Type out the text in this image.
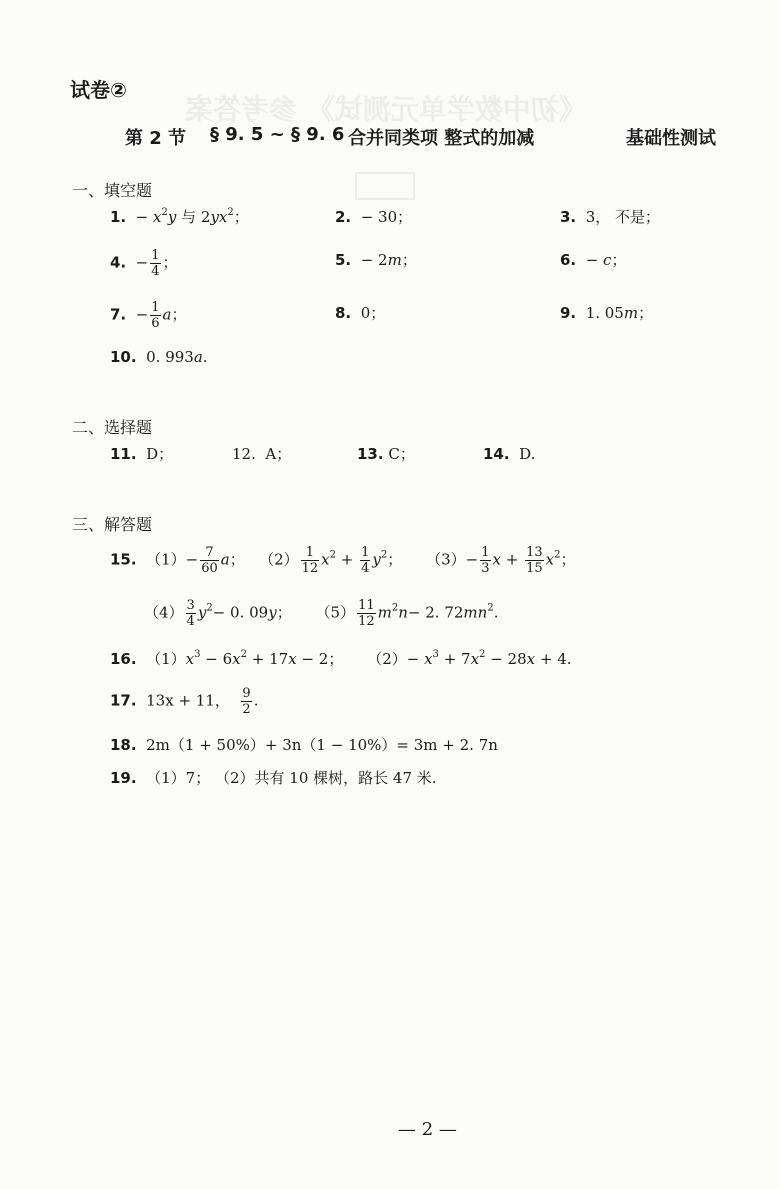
《初中数学单元测试》 参考答案
试卷②
第 2 节 § 9. 5 ~ § 9. 6 合并同类项 整式的加减	基础性测试
一、填空题
1.  − $x^2y$ 与 $2yx^2$；	2. − 30；	3. 3， 不是；
4.  − $\frac{1}{4}$ ；	5. − 2m；	6. − c；
7.  − $\frac{1}{6}$ a；	8. 0；	9. 1. 05m；
10. 0. 993a.
二、选择题
11. D；	12. A；	13. C；	14. D.
三、解答题
15. $(1)- \frac{7}{60}$ a；   $(2) \frac{1}{12} x^2 + \frac{1}{4} y^2$；     $(3)- \frac{1}{3}$ $x + \frac{13}{15} x^2$；
$(4) \frac{3}{4} y^2- 0$. 09y；     $(5) \frac{11}{12} m^2n- 2$. $72mn^2$.
16. $(1)x^3 - 6x^2 + 17x - 2$；     $(2)- x^3 + 7x^2 - 28x + 4$.
17. 13x + 11， $\frac{9}{2}$ .
18. 2m（1 + 50%）+ 3n（1 − 10%）= 3m + 2. 7n
19. （1）7； （2）共有 10 棵树，路长 47 米.
— 2 —
